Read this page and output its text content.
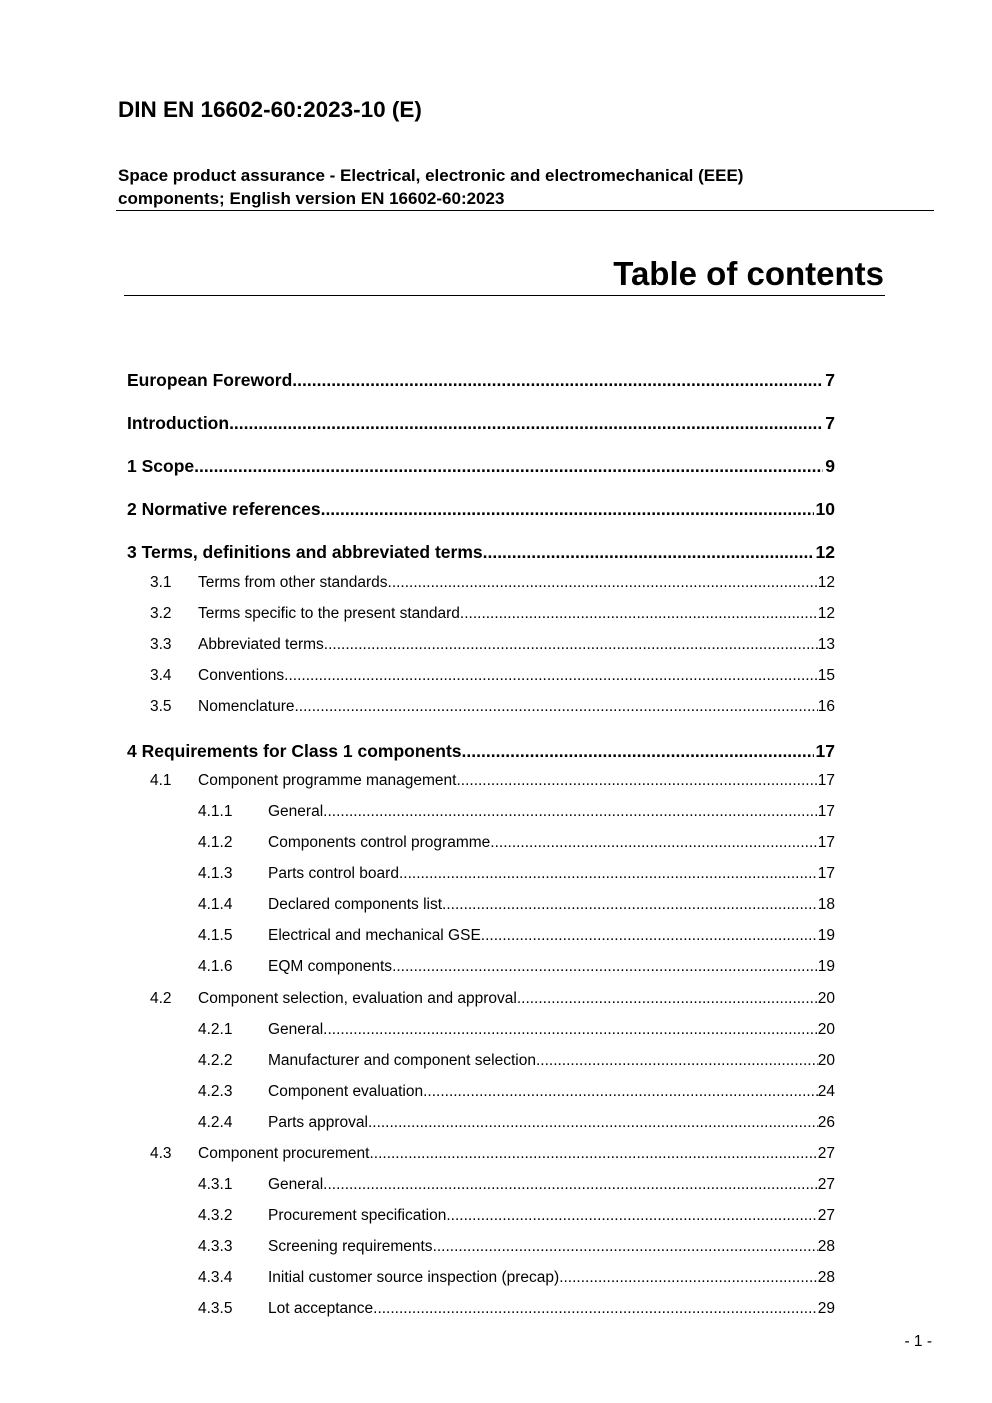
DIN EN 16602-60:2023-10 (E)
Space product assurance - Electrical, electronic and electromechanical (EEE)
components; English version EN 16602-60:2023
Table of contents
European Foreword .....	7
Introduction .....	7
1 Scope .....	9
2 Normative references .....	10
3 Terms, definitions and abbreviated terms .....	12
3.1	Terms from other standards .....	12
3.2	Terms specific to the present standard .....	12
3.3	Abbreviated terms .....	13
3.4	Conventions .....	15
3.5	Nomenclature .....	16
4 Requirements for Class 1 components .....	17
4.1	Component programme management .....	17
4.1.1	General .....	17
4.1.2	Components control programme .....	17
4.1.3	Parts control board .....	17
4.1.4	Declared components list .....	18
4.1.5	Electrical and mechanical GSE .....	19
4.1.6	EQM components .....	19
4.2	Component selection, evaluation and approval .....	20
4.2.1	General .....	20
4.2.2	Manufacturer and component selection .....	20
4.2.3	Component evaluation .....	24
4.2.4	Parts approval .....	26
4.3	Component procurement .....	27
4.3.1	General .....	27
4.3.2	Procurement specification .....	27
4.3.3	Screening requirements .....	28
4.3.4	Initial customer source inspection (precap) .....	28
4.3.5	Lot acceptance .....	29
- 1 -
